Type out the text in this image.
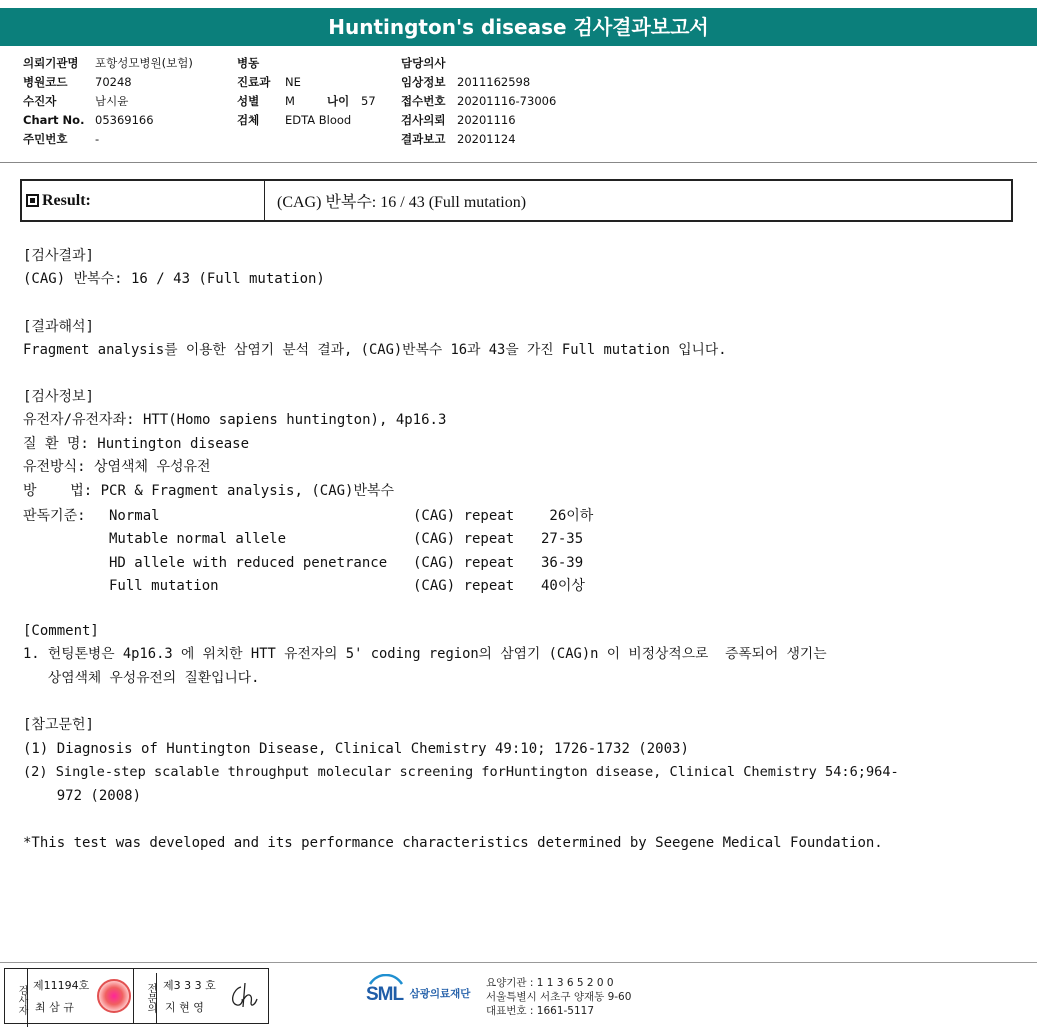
Huntington's disease 검사결과보고서
의뢰기관명	포항성모병원(보험)
병원코드	70248
수진자	남시윤
Chart No. 05369166
주민번호	-
병동
진료과	NE
성별	M	나이	57
검체	EDTA Blood
담당의사
임상정보	2011162598
접수번호	20201116-73006
검사의뢰	20201116
결과보고	20201124
Result:	(CAG) 반복수: 16 / 43 (Full mutation)
[검사결과]
(CAG) 반복수: 16 / 43 (Full mutation)
[결과해석]
Fragment analysis를 이용한 삼염기 분석 결과, (CAG)반복수 16과 43을 가진 Full mutation 입니다.
[검사정보]
유전자/유전자좌: HTT(Homo sapiens huntington), 4p16.3
질 환 명: Huntington disease
유전방식: 상염색체 우성유전
방    법: PCR & Fragment analysis, (CAG)반복수
판독기준:	Normal	(CAG) repeat	26이하
Mutable normal allele	(CAG) repeat	27-35
HD allele with reduced penetrance	(CAG) repeat	36-39
Full mutation	(CAG) repeat	40이상
[Comment]
1. 헌팅톤병은 4p16.3 에 위치한 HTT 유전자의 5' coding region의 삼염기 (CAG)n 이 비정상적으로  증폭되어 생기는
상염색체 우성유전의 질환입니다.
[참고문헌]
(1) Diagnosis of Huntington Disease, Clinical Chemistry 49:10; 1726-1732 (2003)
(2) Single-step scalable throughput molecular screening forHuntington disease, Clinical Chemistry 54:6;964-
972 (2008)
*This test was developed and its performance characteristics determined by Seegene Medical Foundation.
검사자 제11194호
최 삼 규	전문의 제3 3 3 호
지 현 영
SML 삼광의료재단
요양기관 : 1 1 3 6 5 2 0 0
서울특별시 서초구 양재동 9-60
대표번호 : 1661-5117
